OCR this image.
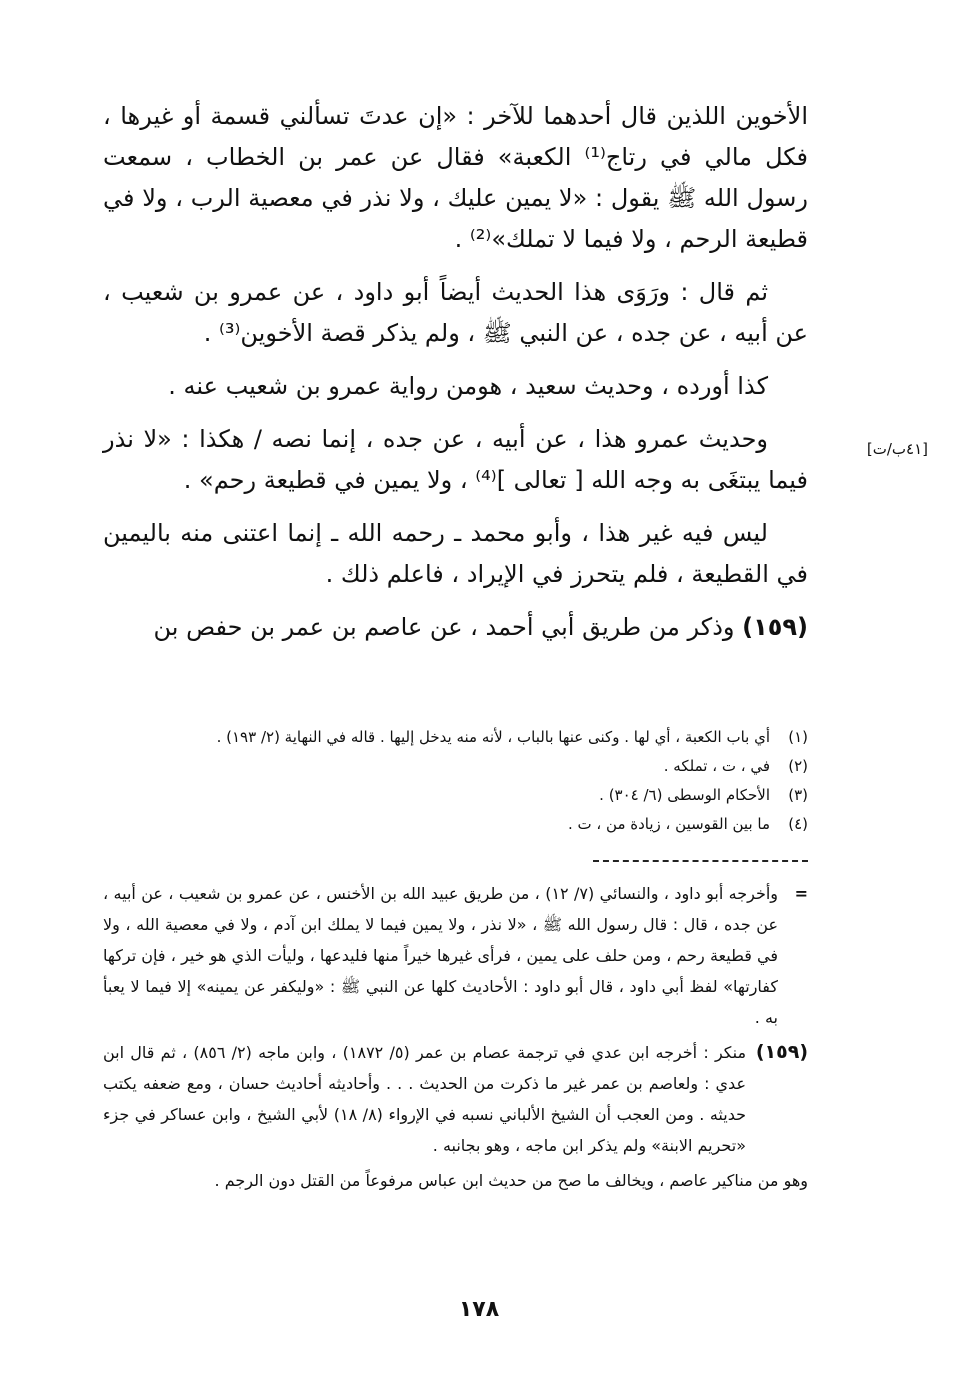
الأخوين اللذين قال أحدهما للآخر : «إن عدتَ تسألني قسمة أو غيرها ، فكل مالي في رتاج⁽¹⁾ الكعبة» فقال عن عمر بن الخطاب ، سمعت رسول الله ﷺ يقول : «لا يمين عليك ، ولا نذر في معصية الرب ، ولا في قطيعة الرحم ، ولا فيما لا تملك»⁽²⁾ .

ثم قال : ورَوَى هذا الحديث أيضاً أبو داود ، عن عمرو بن شعيب ، عن أبيه ، عن جده ، عن النبي ﷺ ، ولم يذكر قصة الأخوين⁽³⁾ .

كذا أورده ، وحديث سعيد ، هومن رواية عمرو بن شعيب عنه .

وحديث عمرو هذا ، عن أبيه ، عن جده ، إنما نصه / هكذا : «لا نذر فيما يبتغَى به وجه الله [ تعالى ]⁽⁴⁾ ، ولا يمين في قطيعة رحم» .

ليس فيه غير هذا ، وأبو محمد ـ رحمه الله ـ إنما اعتنى منه باليمين في القطيعة ، فلم يتحرز في الإيراد ، فاعلم ذلك .

(١٥٩) وذكر من طريق أبي أحمد ، عن عاصم بن عمر بن حفص بن

[٤١ب/ت]
(١)
أي باب الكعبة ، أي لها . وكنى عنها بالباب ، لأنه منه يدخل إليها . قاله في النهاية (٢/ ١٩٣) .
(٢)
في ، ت ، تملكه .
(٣)
الأحكام الوسطى (٦/ ٣٠٤) .
(٤)
ما بين القوسين ، زيادة من ، ت .
=
وأخرجه أبو داود ، والنسائي (٧/ ١٢) ، من طريق عبيد الله بن الأخنس ، عن عمرو بن شعيب ، عن أبيه ، عن جده ، قال : قال رسول الله ﷺ ، «لا نذر ، ولا يمين فيما لا يملك ابن آدم ، ولا في معصية الله ، ولا في قطيعة رحم ، ومن حلف على يمين ، فرأى غيرها خيراً منها فليدعها ، وليأت الذي هو خير ، فإن تركها كفارتها» لفظ أبي داود ، قال أبو داود : الأحاديث كلها عن النبي ﷺ : «وليكفر عن يمينه» إلا فيما لا يعبأ به .
(١٥٩)
منكر : أخرجه ابن عدي في ترجمة عصام بن عمر (٥/ ١٨٧٢) ، وابن ماجه (٢/ ٨٥٦) ، ثم قال ابن عدي : ولعاصم بن عمر غير ما ذكرت من الحديث . . . وأحاديثه أحاديث حسان ، ومع ضعفه يكتب حديثه . ومن العجب أن الشيخ الألباني نسبه في الإرواء (٨/ ١٨) لأبي الشيخ ، وابن عساكر في جزء «تحريم الابنة» ولم يذكر ابن ماجه ، وهو بجانبه .
وهو من مناكير عاصم ، ويخالف ما صح من حديث ابن عباس مرفوعاً من القتل دون الرجم .
١٧٨
